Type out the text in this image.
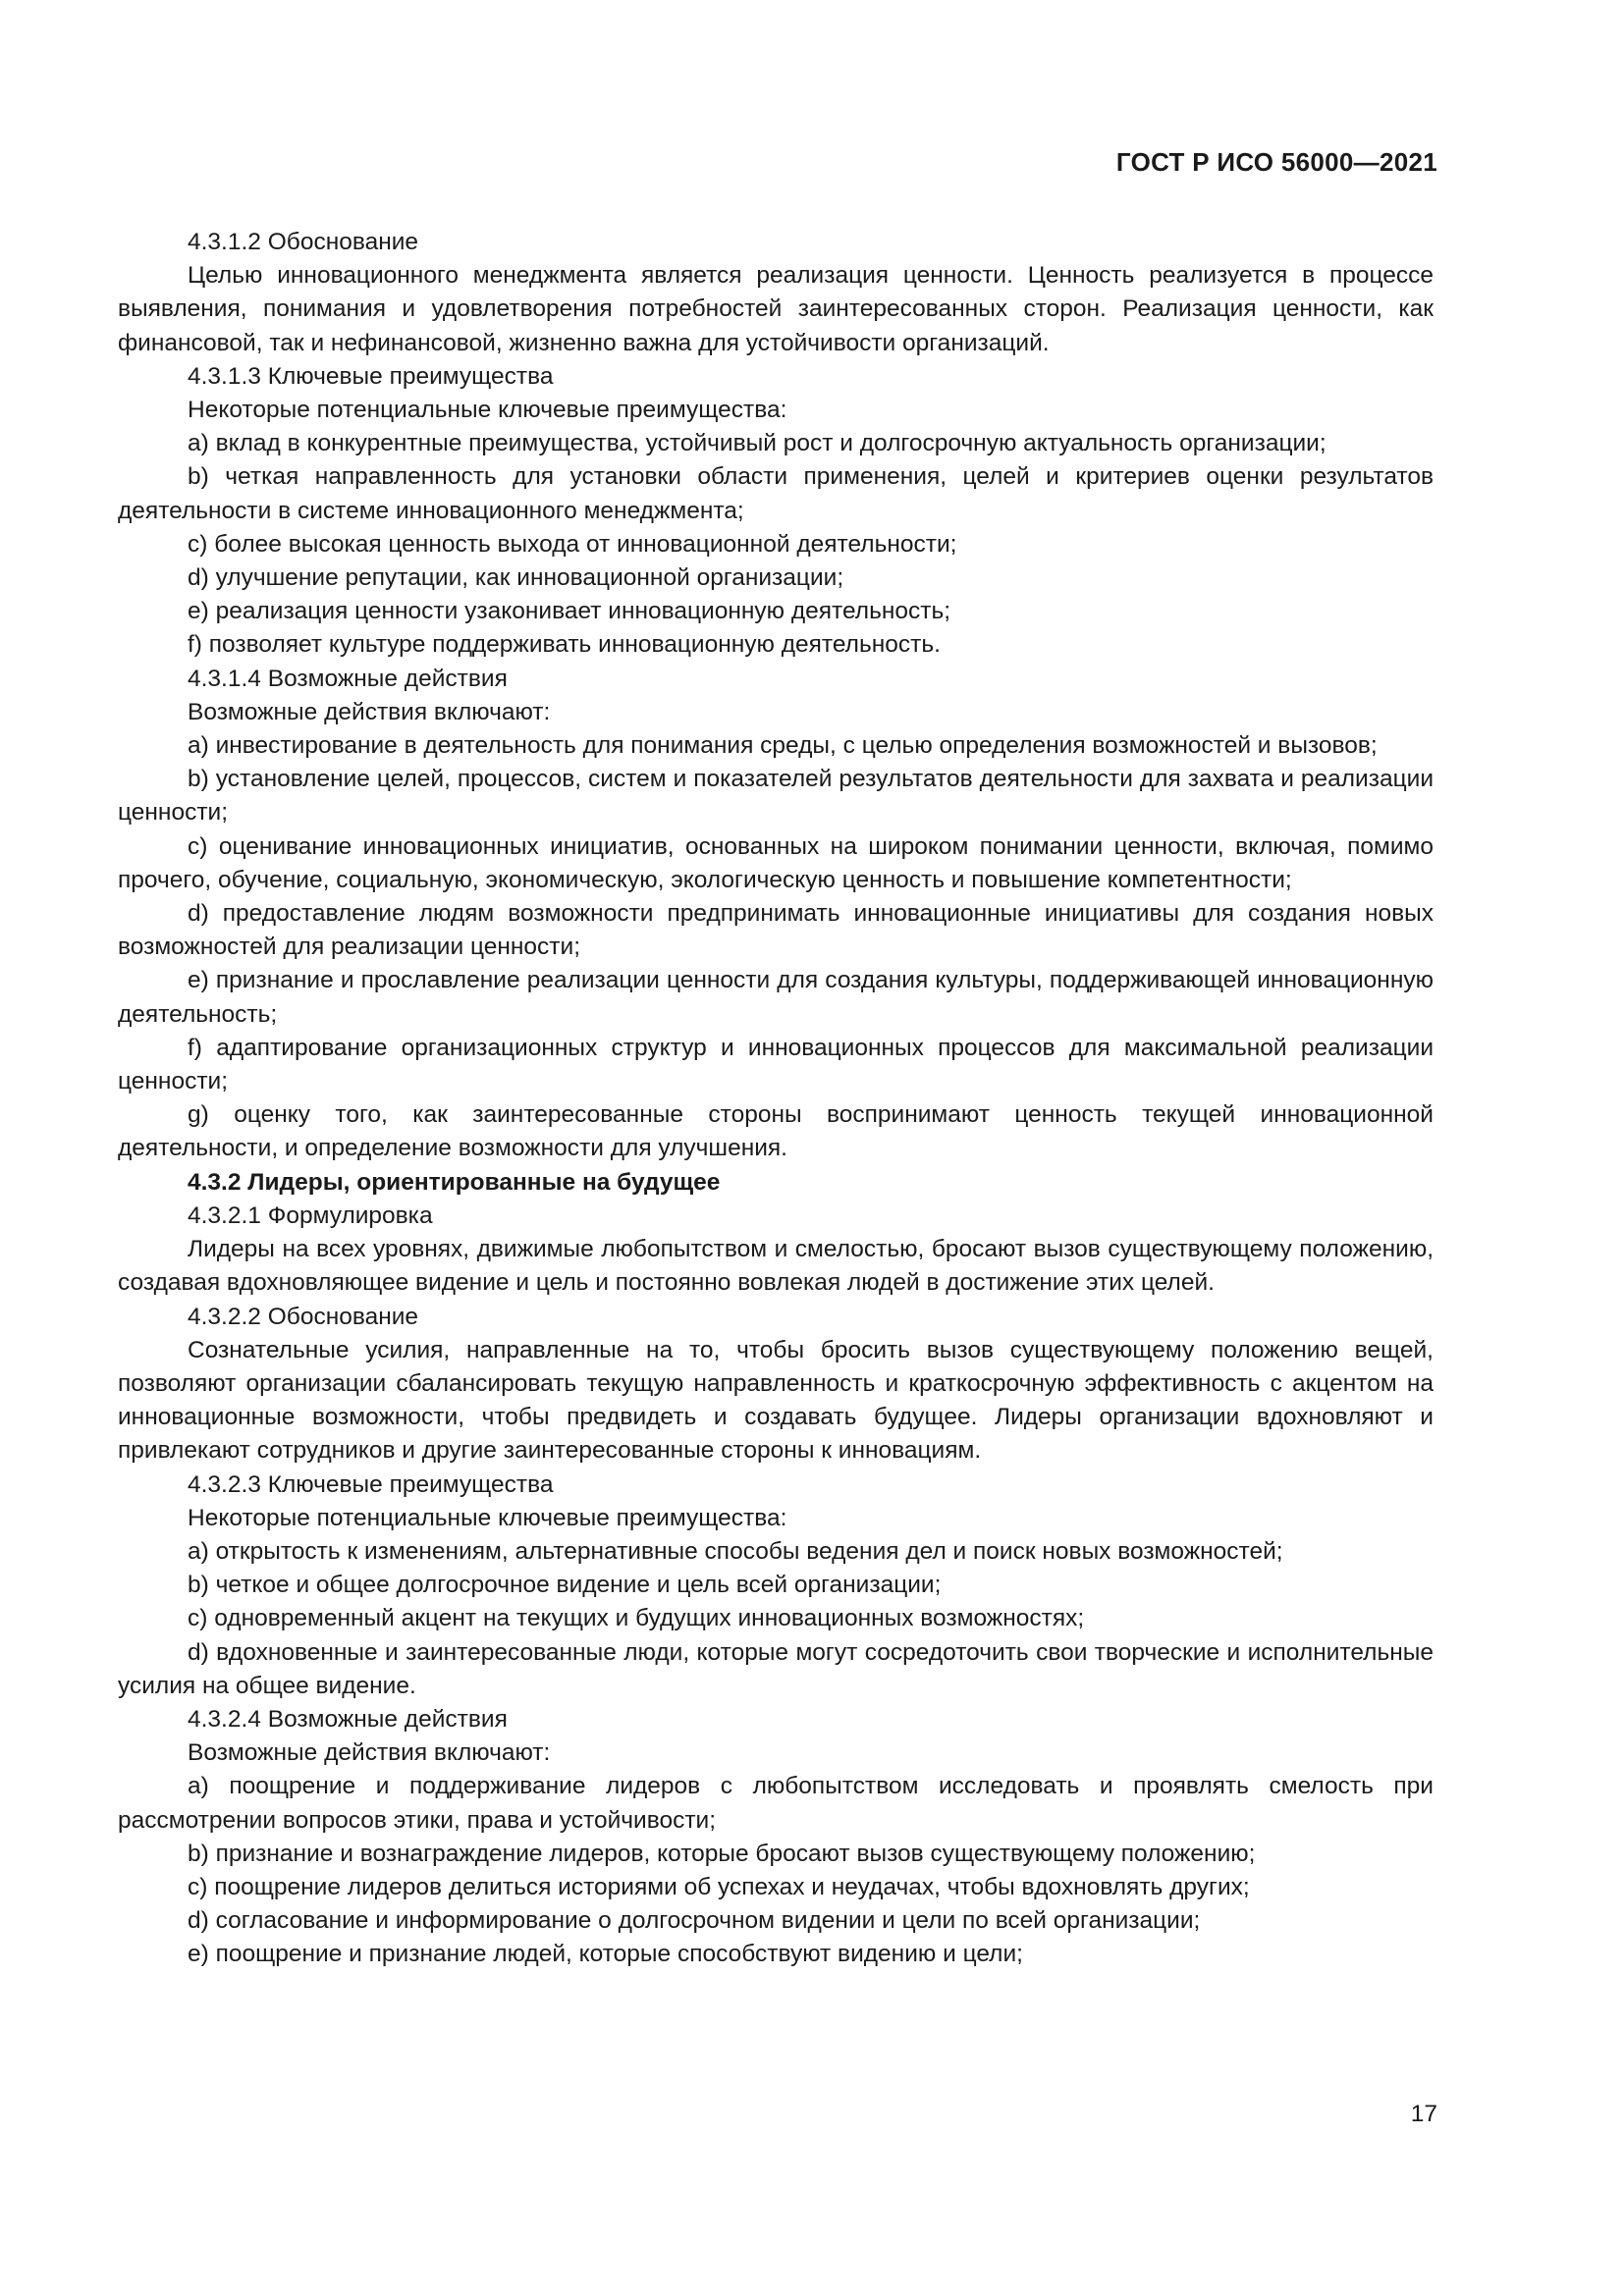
ГОСТ Р ИСО 56000—2021

4.3.1.2 Обоснование

Целью инновационного менеджмента является реализация ценности. Ценность реализуется в процессе выявления, понимания и удовлетворения потребностей заинтересованных сторон. Реализация ценности, как финансовой, так и нефинансовой, жизненно важна для устойчивости организаций.

4.3.1.3 Ключевые преимущества

Некоторые потенциальные ключевые преимущества:

a) вклад в конкурентные преимущества, устойчивый рост и долгосрочную актуальность организации;

b) четкая направленность для установки области применения, целей и критериев оценки результатов деятельности в системе инновационного менеджмента;

c) более высокая ценность выхода от инновационной деятельности;

d) улучшение репутации, как инновационной организации;

e) реализация ценности узаконивает инновационную деятельность;

f) позволяет культуре поддерживать инновационную деятельность.

4.3.1.4 Возможные действия

Возможные действия включают:

a) инвестирование в деятельность для понимания среды, с целью определения возможностей и вызовов;

b) установление целей, процессов, систем и показателей результатов деятельности для захвата и реализации ценности;

c) оценивание инновационных инициатив, основанных на широком понимании ценности, включая, помимо прочего, обучение, социальную, экономическую, экологическую ценность и повышение компетентности;

d) предоставление людям возможности предпринимать инновационные инициативы для создания новых возможностей для реализации ценности;

e) признание и прославление реализации ценности для создания культуры, поддерживающей инновационную деятельность;

f) адаптирование организационных структур и инновационных процессов для максимальной реализации ценности;

g) оценку того, как заинтересованные стороны воспринимают ценность текущей инновационной деятельности, и определение возможности для улучшения.

4.3.2 Лидеры, ориентированные на будущее

4.3.2.1 Формулировка

Лидеры на всех уровнях, движимые любопытством и смелостью, бросают вызов существующему положению, создавая вдохновляющее видение и цель и постоянно вовлекая людей в достижение этих целей.

4.3.2.2 Обоснование

Сознательные усилия, направленные на то, чтобы бросить вызов существующему положению вещей, позволяют организации сбалансировать текущую направленность и краткосрочную эффективность с акцентом на инновационные возможности, чтобы предвидеть и создавать будущее. Лидеры организации вдохновляют и привлекают сотрудников и другие заинтересованные стороны к инновациям.

4.3.2.3 Ключевые преимущества

Некоторые потенциальные ключевые преимущества:

a) открытость к изменениям, альтернативные способы ведения дел и поиск новых возможностей;

b) четкое и общее долгосрочное видение и цель всей организации;

c) одновременный акцент на текущих и будущих инновационных возможностях;

d) вдохновенные и заинтересованные люди, которые могут сосредоточить свои творческие и исполнительные усилия на общее видение.

4.3.2.4 Возможные действия

Возможные действия включают:

a) поощрение и поддерживание лидеров с любопытством исследовать и проявлять смелость при рассмотрении вопросов этики, права и устойчивости;

b) признание и вознаграждение лидеров, которые бросают вызов существующему положению;

c) поощрение лидеров делиться историями об успехах и неудачах, чтобы вдохновлять других;

d) согласование и информирование о долгосрочном видении и цели по всей организации;

e) поощрение и признание людей, которые способствуют видению и цели;

17
